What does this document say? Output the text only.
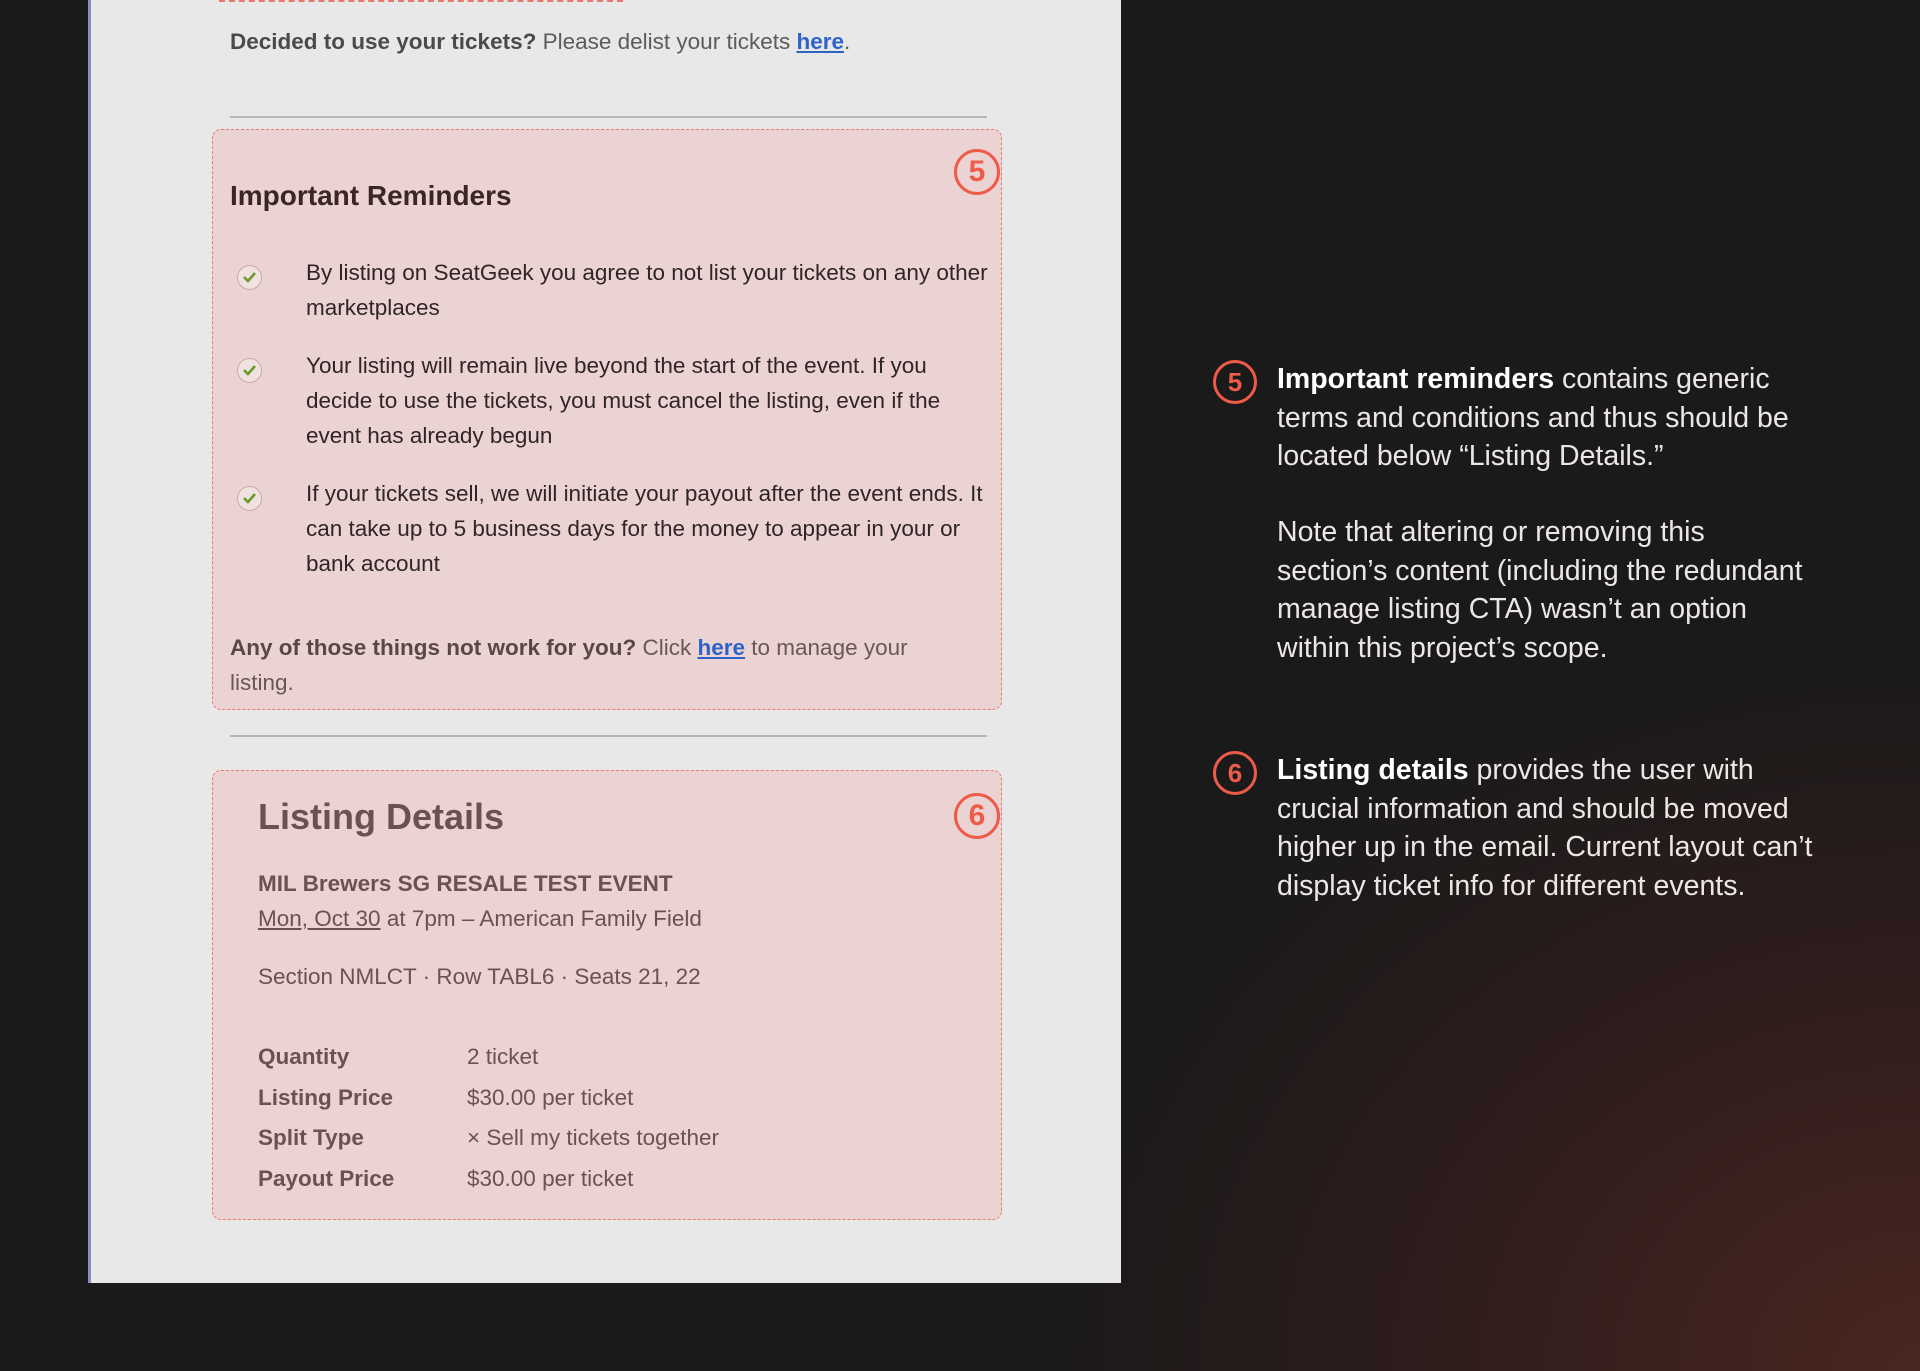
Decided to use your tickets? Please delist your tickets here.

5
Important Reminders
By listing on SeatGeek you agree to not list your tickets on any other marketplaces
Your listing will remain live beyond the start of the event. If you decide to use the tickets, you must cancel the listing, even if the event has already begun
If your tickets sell, we will initiate your payout after the event ends. It can take up to 5 business days for the money to appear in your or bank account

Any of those things not work for you? Click here to manage your listing.

6
Listing Details
MIL Brewers SG RESALE TEST EVENT
Mon, Oct 30 at 7pm – American Family Field
Section NMLCT · Row TABL6 · Seats 21, 22
Quantity	2 ticket
Listing Price	$30.00 per ticket
Split Type	× Sell my tickets together
Payout Price	$30.00 per ticket
5	Important reminders contains generic terms and conditions and thus should be located below “Listing Details.”

Note that altering or removing this section’s content (including the redundant manage listing CTA) wasn’t an option within this project’s scope.

6	Listing details provides the user with crucial information and should be moved higher up in the email. Current layout can’t display ticket info for different events.
